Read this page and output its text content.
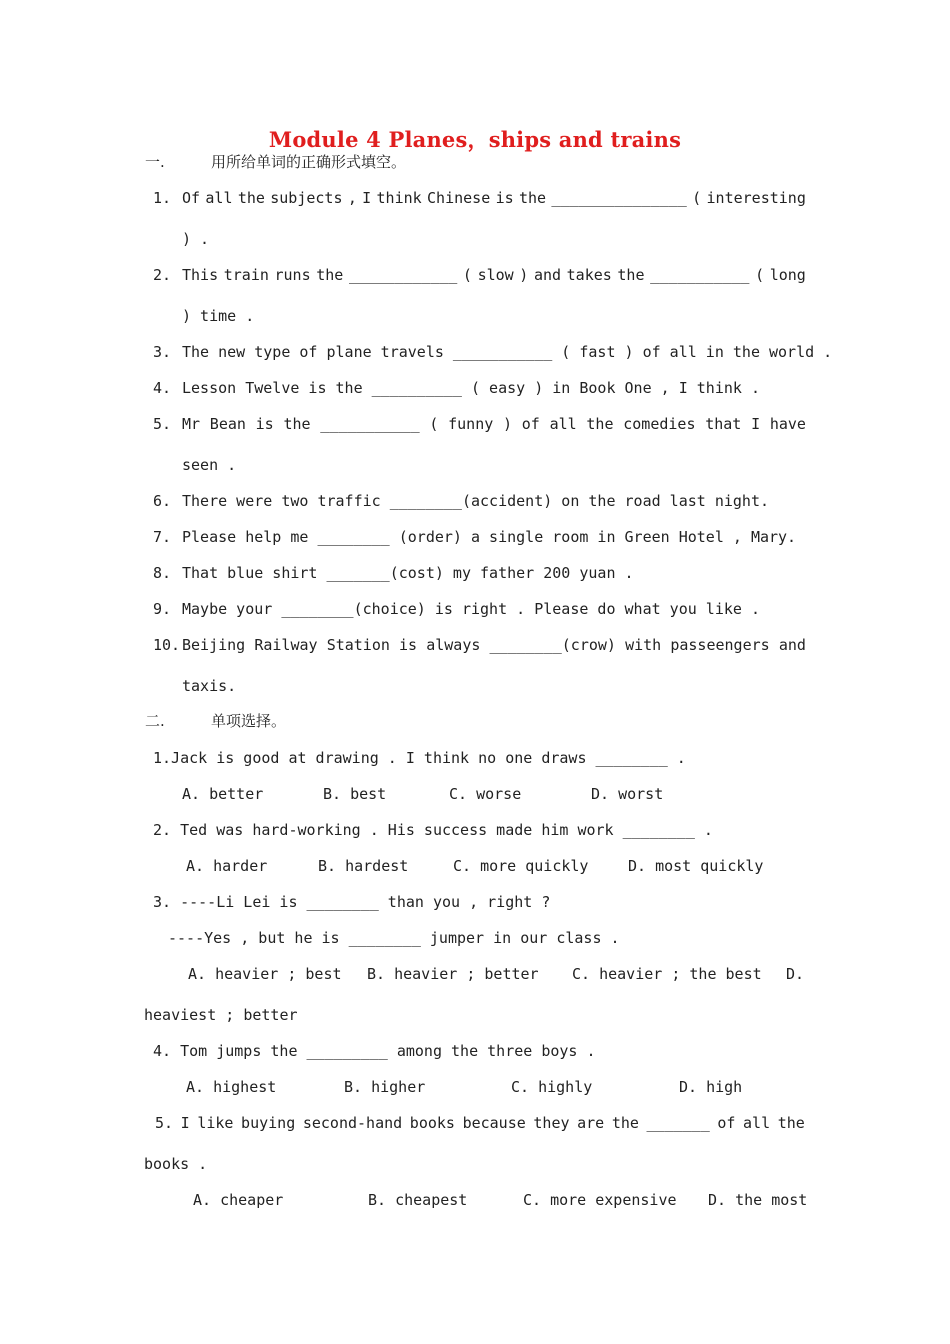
Module 4 Planes，ships and trains
一.	用所给单词的正确形式填空。
1. Of all the subjects , I think Chinese is the _______________ ( interesting
) .
2. This train runs the ____________ ( slow ) and takes the ___________ ( long
) time .
3. The new type of plane travels ___________ ( fast ) of all in the world .
4. Lesson Twelve is the __________ ( easy ) in Book One , I think .
5. Mr Bean is the ___________ ( funny ) of all the comedies that I have
seen .
6. There were two traffic ________(accident) on the road last night.
7. Please help me ________ (order) a single room in Green Hotel , Mary.
8. That blue shirt _______(cost) my father 200 yuan .
9. Maybe your ________(choice) is right . Please do what you like .
10. Beijing Railway Station is always ________(crow) with passeengers and
taxis.
二.	单项选择。
1.Jack is good at drawing . I think no one draws ________ .
A. better	B. best	C. worse	D. worst
2. Ted was hard-working . His success made him work ________ .
A. harder	B. hardest	C. more quickly	D. most quickly
3. ----Li Lei is ________ than you , right ?
----Yes , but he is ________ jumper in our class .
A. heavier ; best B. heavier ; better C. heavier ; the best D.
heaviest ; better
4. Tom jumps the _________ among the three boys .
A. highest	B. higher	C. highly	D. high
5. I like buying second-hand books because they are the _______ of all the
books .
A. cheaper	B. cheapest	C. more expensive D. the most
